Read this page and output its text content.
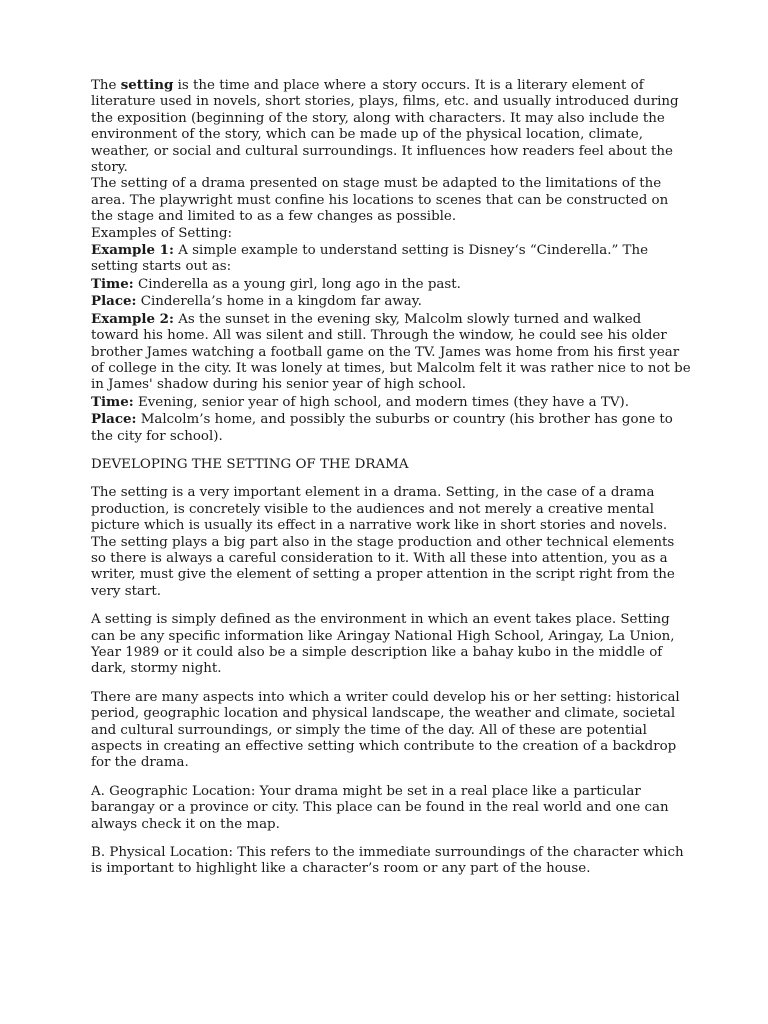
The setting is the time and place where a story occurs. It is a literary element of literature used in novels, short stories, plays, films, etc. and usually introduced during the exposition (beginning of the story, along with characters. It may also include the environment of the story, which can be made up of the physical location, climate, weather, or social and cultural surroundings. It influences how readers feel about the story.

The setting of a drama presented on stage must be adapted to the limitations of the area. The playwright must confine his locations to scenes that can be constructed on the stage and limited to as a few changes as possible.

Examples of Setting:

Example 1: A simple example to understand setting is Disney‘s “Cinderella.” The setting starts out as:

Time: Cinderella as a young girl, long ago in the past.

Place: Cinderella’s home in a kingdom far away.

Example 2: As the sunset in the evening sky, Malcolm slowly turned and walked toward his home. All was silent and still. Through the window, he could see his older brother James watching a football game on the TV. James was home from his first year of college in the city. It was lonely at times, but Malcolm felt it was rather nice to not be in James' shadow during his senior year of high school.

Time: Evening, senior year of high school, and modern times (they have a TV).

Place: Malcolm’s home, and possibly the suburbs or country (his brother has gone to the city for school).

DEVELOPING THE SETTING OF THE DRAMA

The setting is a very important element in a drama. Setting, in the case of a drama production, is concretely visible to the audiences and not merely a creative mental picture which is usually its effect in a narrative work like in short stories and novels. The setting plays a big part also in the stage production and other technical elements so there is always a careful consideration to it. With all these into attention, you as a writer, must give the element of setting a proper attention in the script right from the very start.

A setting is simply defined as the environment in which an event takes place. Setting can be any specific information like Aringay National High School, Aringay, La Union, Year 1989 or it could also be a simple description like a bahay kubo in the middle of dark, stormy night.

There are many aspects into which a writer could develop his or her setting: historical period, geographic location and physical landscape, the weather and climate, societal and cultural surroundings, or simply the time of the day. All of these are potential aspects in creating an effective setting which contribute to the creation of a backdrop for the drama.

A. Geographic Location: Your drama might be set in a real place like a particular barangay or a province or city. This place can be found in the real world and one can always check it on the map.

B. Physical Location: This refers to the immediate surroundings of the character which is important to highlight like a character’s room or any part of the house.
